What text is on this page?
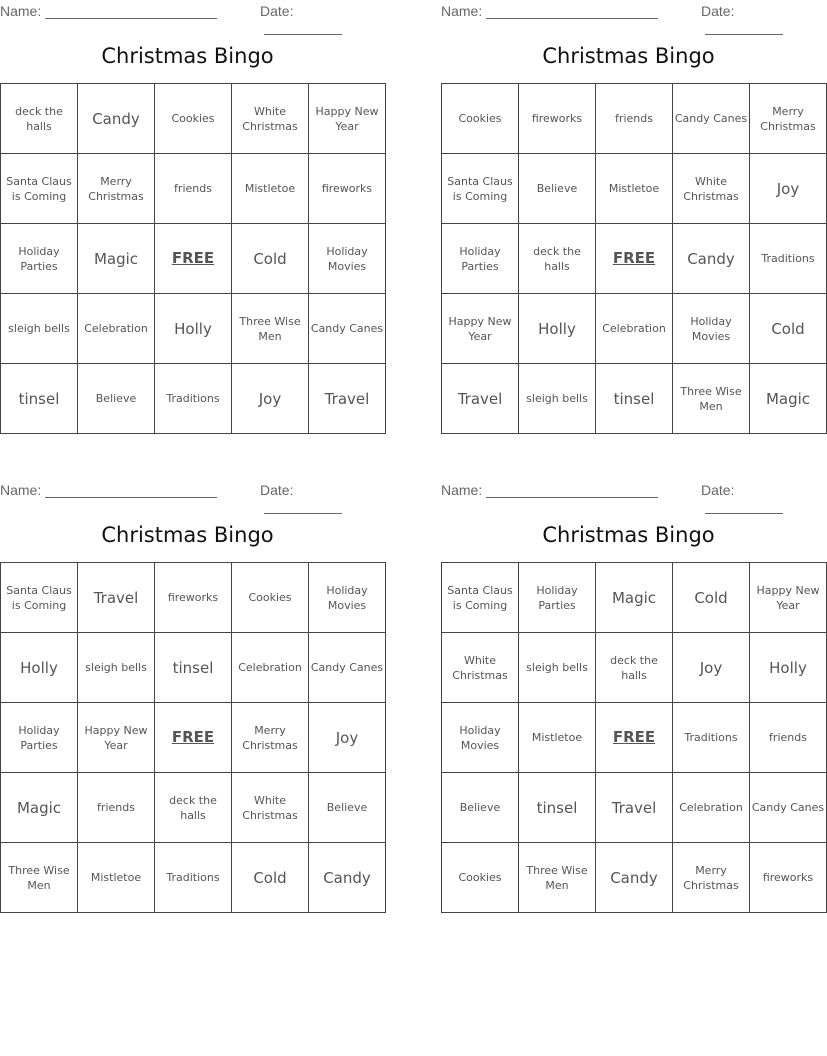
Name:	Date:
Christmas Bingo
deck the halls	Candy	Cookies	White Christmas	Happy New Year
Santa Claus is Coming	Merry Christmas	friends	Mistletoe	fireworks
Holiday Parties	Magic	FREE	Cold	Holiday Movies
sleigh bells	Celebration	Holly	Three Wise Men	Candy Canes
tinsel	Believe	Traditions	Joy	Travel
Name:	Date:
Christmas Bingo
Cookies	fireworks	friends	Candy Canes	Merry Christmas
Santa Claus is Coming	Believe	Mistletoe	White Christmas	Joy
Holiday Parties	deck the halls	FREE	Candy	Traditions
Happy New Year	Holly	Celebration	Holiday Movies	Cold
Travel	sleigh bells	tinsel	Three Wise Men	Magic
Name:	Date:
Christmas Bingo
Santa Claus is Coming	Travel	fireworks	Cookies	Holiday Movies
Holly	sleigh bells	tinsel	Celebration	Candy Canes
Holiday Parties	Happy New Year	FREE	Merry Christmas	Joy
Magic	friends	deck the halls	White Christmas	Believe
Three Wise Men	Mistletoe	Traditions	Cold	Candy
Name:	Date:
Christmas Bingo
Santa Claus is Coming	Holiday Parties	Magic	Cold	Happy New Year
White Christmas	sleigh bells	deck the halls	Joy	Holly
Holiday Movies	Mistletoe	FREE	Traditions	friends
Believe	tinsel	Travel	Celebration	Candy Canes
Cookies	Three Wise Men	Candy	Merry Christmas	fireworks
